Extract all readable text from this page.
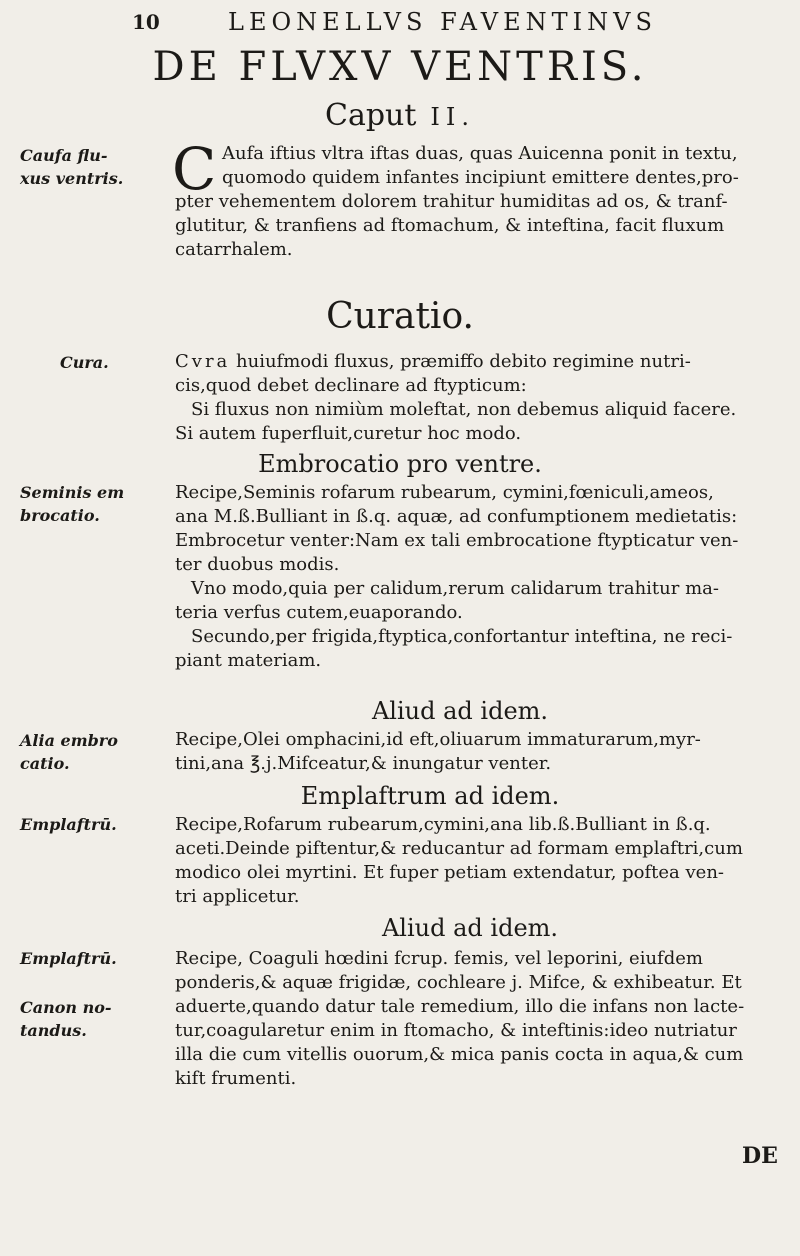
10	LEONELLVS FAVENTINVS
DE FLVXV VENTRIS.
Caput II.
C Aufa iftius vltra iftas duas, quas Auicenna ponit in textu,
quomodo quidem infantes incipiunt emittere dentes,pro-
pter vehementem dolorem trahitur humiditas ad os, & tranf-
glutitur, & tranfiens ad ftomachum, & inteftina, facit fluxum
catarrhalem.
Curatio.
Cvra huiufmodi fluxus, præmiffo debito regimine nutri-
cis,quod debet declinare ad ftypticum:
Si fluxus non nimiùm moleftat, non debemus aliquid facere.
Si autem fuperfluit,curetur hoc modo.
Embrocatio pro ventre.
Recipe,Seminis rofarum rubearum, cymini,fœniculi,ameos,
ana M.ß.Bulliant in ß.q. aquæ, ad confumptionem medietatis:
Embrocetur venter:Nam ex tali embrocatione ftypticatur ven-
ter duobus modis.
Vno modo,quia per calidum,rerum calidarum trahitur ma-
teria verfus cutem,euaporando.
Secundo,per frigida,ftyptica,confortantur inteftina, ne reci-
piant materiam.
Aliud ad idem.
Recipe,Olei omphacini,id eft,oliuarum immaturarum,myr-
tini,ana ℥.j.Mifceatur,& inungatur venter.
Emplaftrum ad idem.
Recipe,Rofarum rubearum,cymini,ana lib.ß.Bulliant in ß.q.
aceti.Deinde piftentur,& reducantur ad formam emplaftri,cum
modico olei myrtini. Et fuper petiam extendatur, poftea ven-
tri applicetur.
Aliud ad idem.
Recipe, Coaguli hœdini fcrup. femis, vel leporini, eiufdem
ponderis,& aquæ frigidæ, cochleare j. Mifce, & exhibeatur. Et
aduerte,quando datur tale remedium, illo die infans non lacte-
tur,coagularetur enim in ftomacho, & inteftinis:ideo nutriatur
illa die cum vitellis ouorum,& mica panis cocta in aqua,& cum
kift frumenti.
Caufa flu-
xus ventris.
Cura.
Seminis em
brocatio.
Alia embro
catio.
Emplaftrū.
Emplaftrū.
Canon no-
tandus.
DE
